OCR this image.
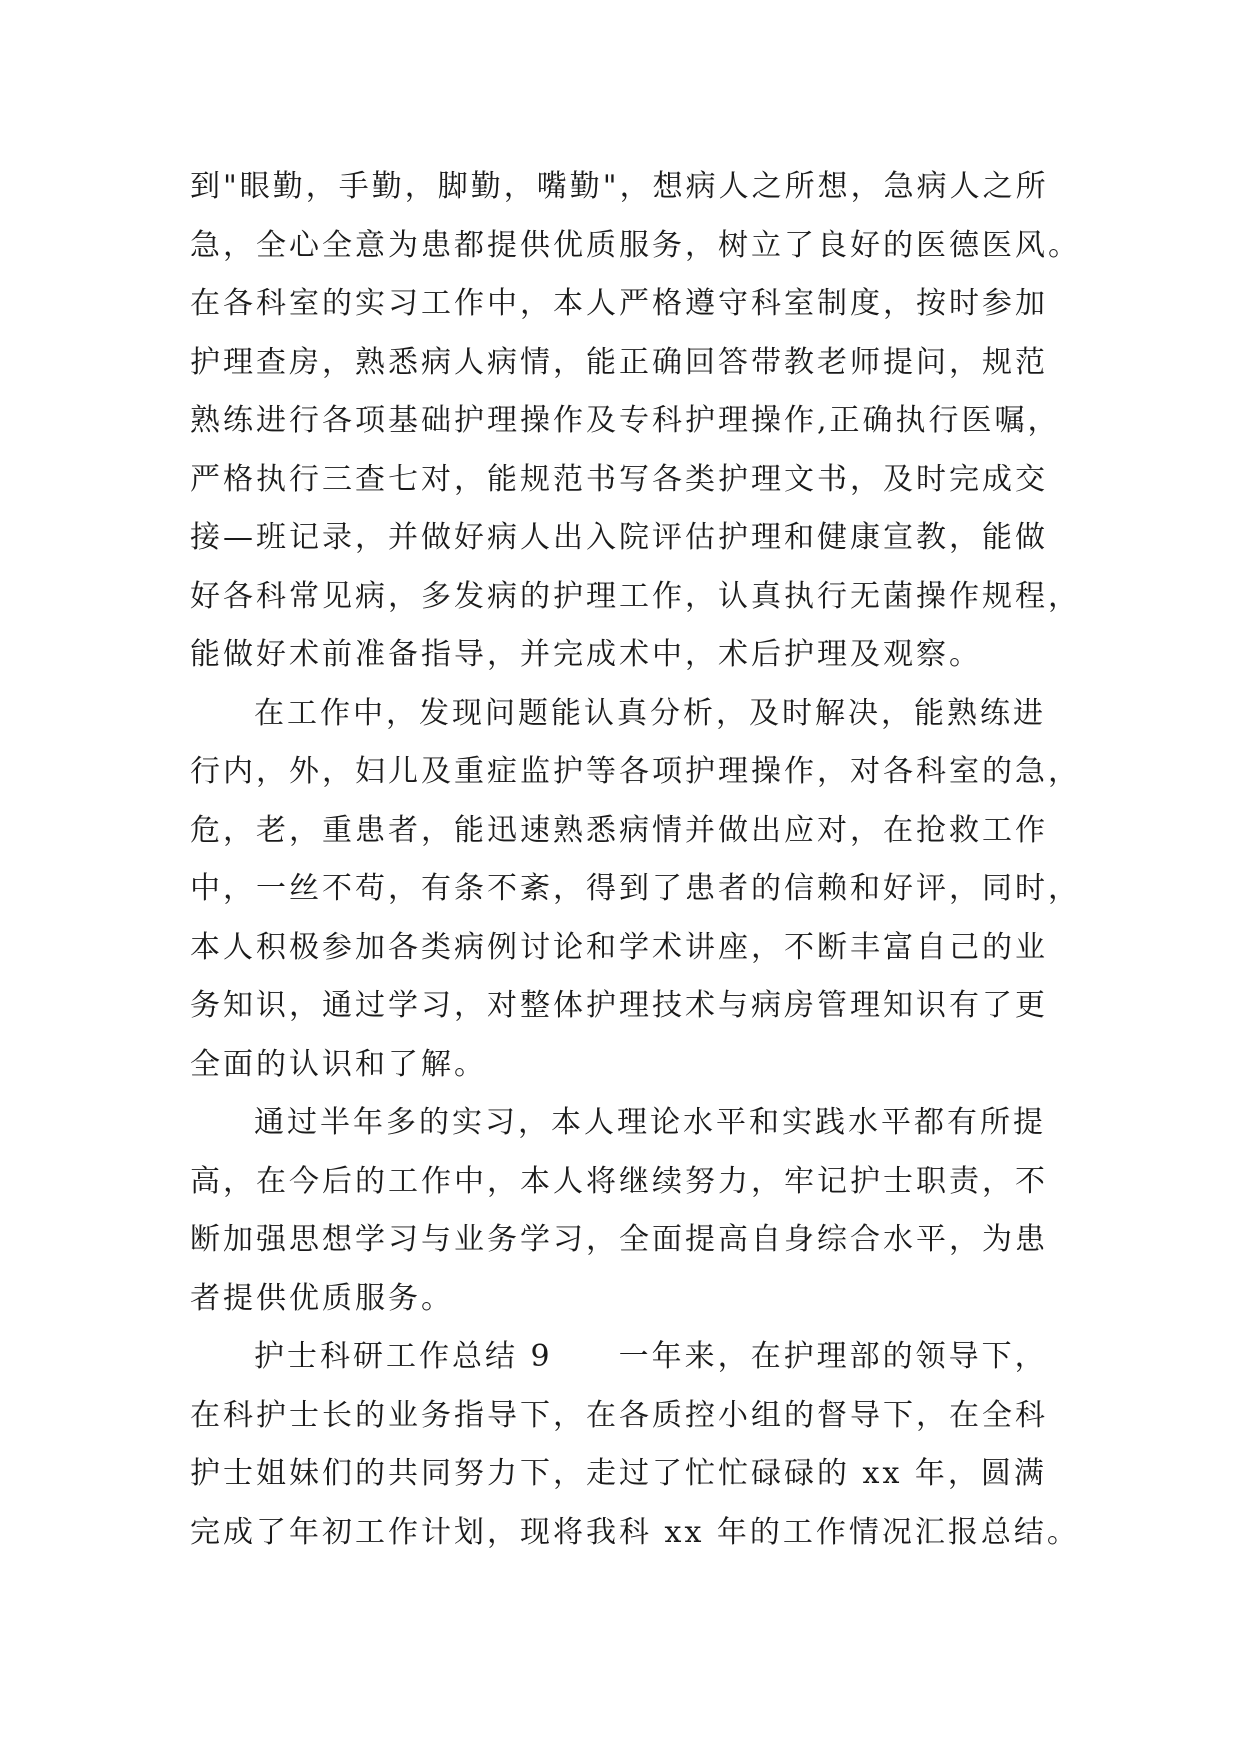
到"眼勤，手勤，脚勤，嘴勤"，想病人之所想，急病人之所
急，全心全意为患都提供优质服务，树立了良好的医德医风。
在各科室的实习工作中，本人严格遵守科室制度，按时参加
护理查房，熟悉病人病情，能正确回答带教老师提问，规范
熟练进行各项基础护理操作及专科护理操作,正确执行医嘱，
严格执行三查七对，能规范书写各类护理文书，及时完成交
接—班记录，并做好病人出入院评估护理和健康宣教，能做
好各科常见病，多发病的护理工作，认真执行无菌操作规程，
能做好术前准备指导，并完成术中，术后护理及观察。
在工作中，发现问题能认真分析，及时解决，能熟练进
行内，外，妇儿及重症监护等各项护理操作，对各科室的急，
危，老，重患者，能迅速熟悉病情并做出应对，在抢救工作
中，一丝不苟，有条不紊，得到了患者的信赖和好评，同时，
本人积极参加各类病例讨论和学术讲座，不断丰富自己的业
务知识，通过学习，对整体护理技术与病房管理知识有了更
全面的认识和了解。
通过半年多的实习，本人理论水平和实践水平都有所提
高，在今后的工作中，本人将继续努力，牢记护士职责，不
断加强思想学习与业务学习，全面提高自身综合水平，为患
者提供优质服务。
护士科研工作总结 9　　一年来，在护理部的领导下，
在科护士长的业务指导下，在各质控小组的督导下，在全科
护士姐妹们的共同努力下，走过了忙忙碌碌的 xx 年，圆满
完成了年初工作计划，现将我科 xx 年的工作情况汇报总结。
